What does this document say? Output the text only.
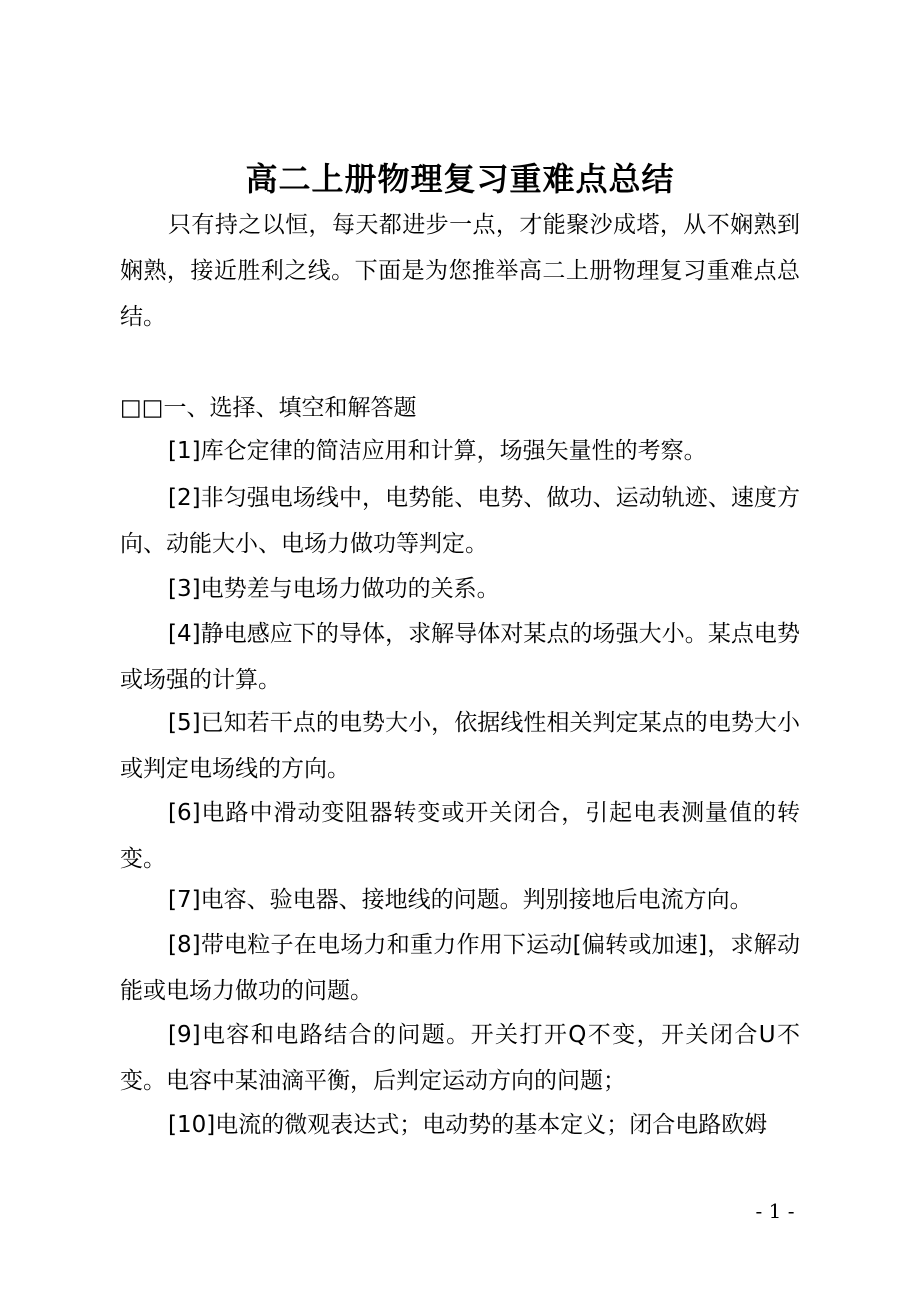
高二上册物理复习重难点总结
只有持之以恒，每天都进步一点，才能聚沙成塔，从不娴熟到娴熟，接近胜利之线。下面是为您推举高二上册物理复习重难点总结。
□□一、选择、填空和解答题
[1]库仑定律的简洁应用和计算，场强矢量性的考察。
[2]非匀强电场线中，电势能、电势、做功、运动轨迹、速度方向、动能大小、电场力做功等判定。
[3]电势差与电场力做功的关系。
[4]静电感应下的导体，求解导体对某点的场强大小。某点电势或场强的计算。
[5]已知若干点的电势大小，依据线性相关判定某点的电势大小或判定电场线的方向。
[6]电路中滑动变阻器转变或开关闭合，引起电表测量值的转变。
[7]电容、验电器、接地线的问题。判别接地后电流方向。
[8]带电粒子在电场力和重力作用下运动[偏转或加速]，求解动能或电场力做功的问题。
[9]电容和电路结合的问题。开关打开Q不变，开关闭合U不变。电容中某油滴平衡，后判定运动方向的问题；
[10]电流的微观表达式；电动势的基本定义；闭合电路欧姆
- 1 -
